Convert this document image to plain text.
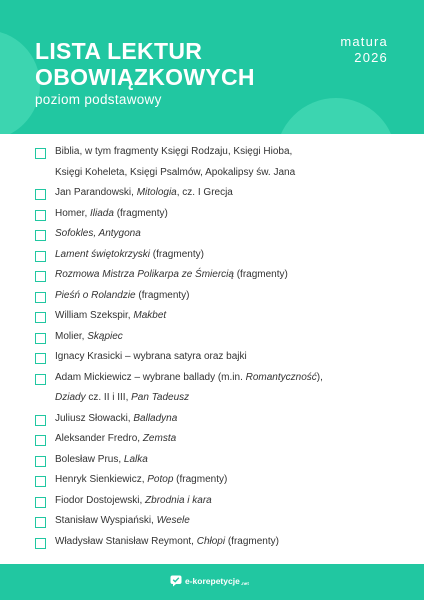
LISTA LEKTUR
OBOWIĄZKOWYCH
poziom podstawowy
matura
2026
Biblia, w tym fragmenty Księgi Rodzaju, Księgi Hioba,
Księgi Koheleta, Księgi Psalmów, Apokalipsy św. Jana
Jan Parandowski, Mitologia, cz. I Grecja
Homer, Iliada (fragmenty)
Sofokles, Antygona
Lament świętokrzyski (fragmenty)
Rozmowa Mistrza Polikarpa ze Śmiercią (fragmenty)
Pieśń o Rolandzie (fragmenty)
William Szekspir, Makbet
Molier, Skąpiec
Ignacy Krasicki – wybrana satyra oraz bajki
Adam Mickiewicz – wybrane ballady (m.in. Romantyczność),
Dziady cz. II i III, Pan Tadeusz
Juliusz Słowacki, Balladyna
Aleksander Fredro, Zemsta
Bolesław Prus, Lalka
Henryk Sienkiewicz, Potop (fragmenty)
Fiodor Dostojewski, Zbrodnia i kara
Stanisław Wyspiański, Wesele
Władysław Stanisław Reymont, Chłopi (fragmenty)
e-korepetycje .net
